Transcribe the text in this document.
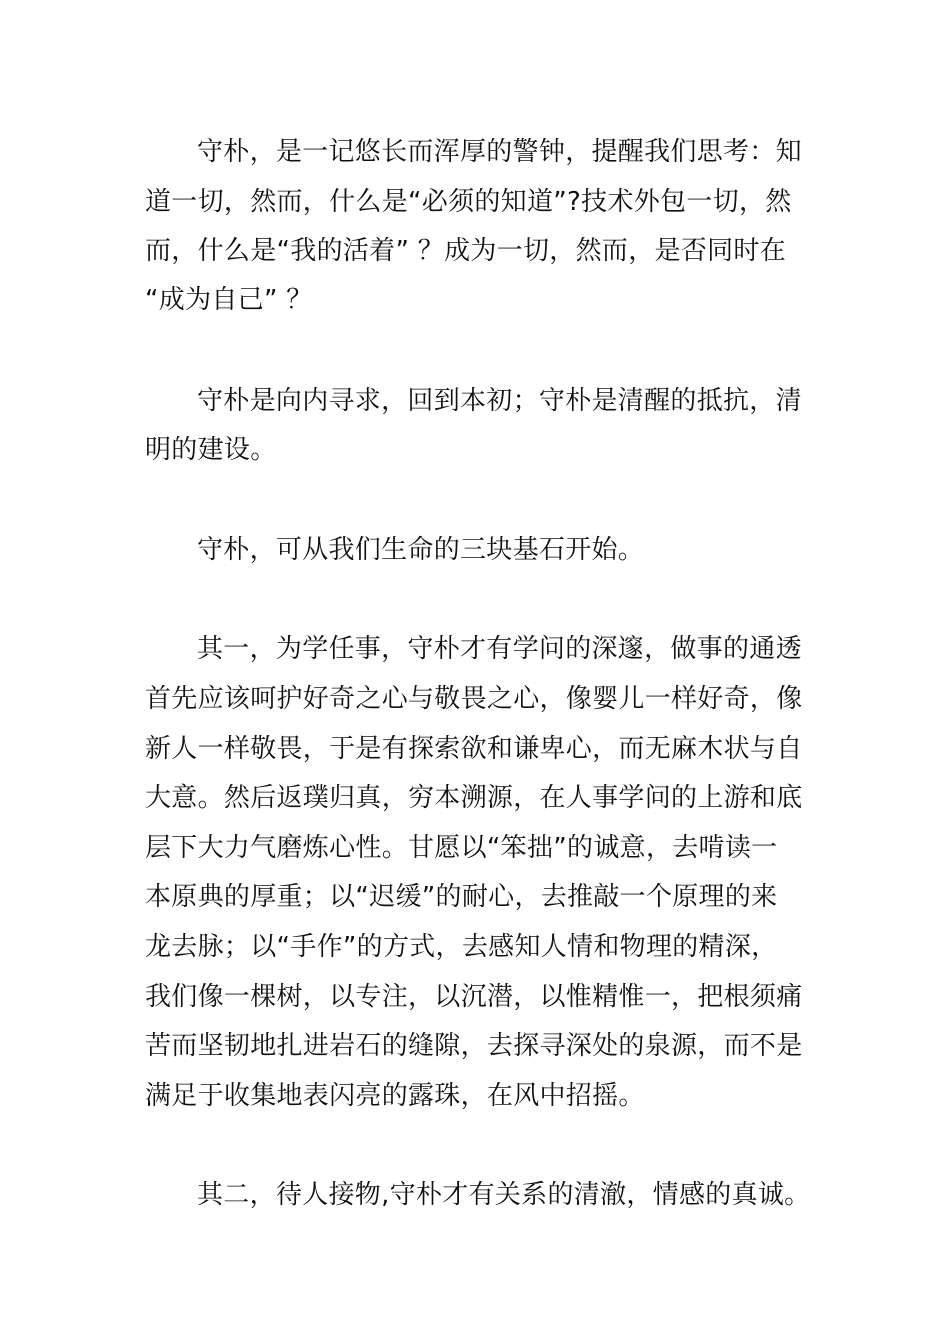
守朴，是一记悠长而浑厚的警钟，提醒我们思考：知
道一切，然而，什么是“必须的知道”?技术外包一切，然
而，什么是“我的活着” ？成为一切，然而，是否同时在
“成为自己” ？
守朴是向内寻求，回到本初；守朴是清醒的抵抗，清
明的建设。
守朴，可从我们生命的三块基石开始。
其一，为学任事，守朴才有学问的深邃，做事的通透
首先应该呵护好奇之心与敬畏之心，像婴儿一样好奇，像
新人一样敬畏，于是有探索欲和谦卑心，而无麻木状与自
大意。然后返璞归真，穷本溯源，在人事学问的上游和底
层下大力气磨炼心性。甘愿以“笨拙”的诚意，去啃读一
本原典的厚重；以“迟缓”的耐心，去推敲一个原理的来
龙去脉；以“手作”的方式，去感知人情和物理的精深，
我们像一棵树，以专注，以沉潜，以惟精惟一，把根须痛
苦而坚韧地扎进岩石的缝隙，去探寻深处的泉源，而不是
满足于收集地表闪亮的露珠，在风中招摇。
其二，待人接物,守朴才有关系的清澈，情感的真诚。
